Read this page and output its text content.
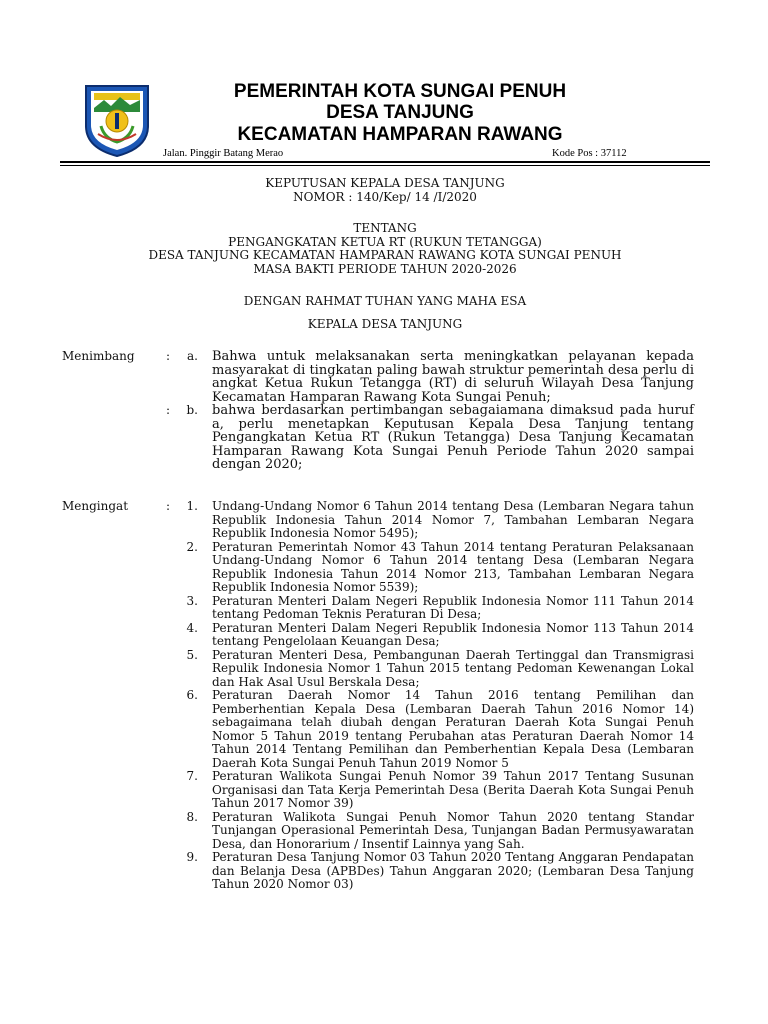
PEMERINTAH KOTA SUNGAI PENUH
DESA TANJUNG
KECAMATAN HAMPARAN RAWANG
Jalan. Pinggir Batang Merao	Kode Pos : 37112
KEPUTUSAN KEPALA DESA TANJUNG
NOMOR : 140/Kep/ 14 /I/2020
TENTANG
PENGANGKATAN KETUA RT (RUKUN TETANGGA)
DESA TANJUNG KECAMATAN HAMPARAN RAWANG KOTA SUNGAI PENUH
MASA BAKTI PERIODE TAHUN 2020-2026
DENGAN RAHMAT TUHAN YANG MAHA ESA
KEPALA DESA TANJUNG
Menimbang	:	a. Bahwa untuk melaksanakan serta meningkatkan pelayanan kepada masyarakat di tingkatan paling bawah struktur pemerintah desa perlu di angkat Ketua Rukun Tetangga (RT) di seluruh Wilayah Desa Tanjung Kecamatan Hamparan Rawang Kota Sungai Penuh;
:	b. bahwa berdasarkan pertimbangan sebagaiamana dimaksud pada huruf a, perlu menetapkan Keputusan Kepala Desa Tanjung tentang Pengangkatan Ketua RT (Rukun Tetangga) Desa Tanjung Kecamatan Hamparan Rawang Kota Sungai Penuh Periode Tahun 2020 sampai dengan 2020;
Mengingat	:	1. Undang-Undang Nomor 6 Tahun 2014 tentang Desa (Lembaran Negara tahun Republik Indonesia Tahun 2014 Nomor 7, Tambahan Lembaran Negara Republik Indonesia Nomor 5495);
2. Peraturan Pemerintah Nomor 43 Tahun 2014 tentang Peraturan Pelaksanaan Undang-Undang Nomor 6 Tahun 2014 tentang Desa (Lembaran Negara Republik Indonesia Tahun 2014 Nomor 213, Tambahan Lembaran Negara Republik Indonesia Nomor 5539);
3. Peraturan Menteri Dalam Negeri Republik Indonesia Nomor 111 Tahun 2014 tentang Pedoman Teknis Peraturan Di Desa;
4. Peraturan Menteri Dalam Negeri Republik Indonesia Nomor 113 Tahun 2014 tentang Pengelolaan Keuangan Desa;
5. Peraturan Menteri Desa, Pembangunan Daerah Tertinggal dan Transmigrasi Repulik Indonesia Nomor 1 Tahun 2015 tentang Pedoman Kewenangan Lokal dan Hak Asal Usul Berskala Desa;
6. Peraturan Daerah Nomor 14 Tahun 2016 tentang Pemilihan dan Pemberhentian Kepala Desa (Lembaran Daerah Tahun 2016 Nomor 14) sebagaimana telah diubah dengan Peraturan Daerah Kota Sungai Penuh Nomor 5 Tahun 2019 tentang Perubahan atas Peraturan Daerah Nomor 14 Tahun 2014 Tentang Pemilihan dan Pemberhentian Kepala Desa (Lembaran Daerah Kota Sungai Penuh Tahun 2019 Nomor 5
7. Peraturan Walikota Sungai Penuh Nomor 39 Tahun 2017 Tentang Susunan Organisasi dan Tata Kerja Pemerintah Desa (Berita Daerah Kota Sungai Penuh Tahun 2017 Nomor 39)
8. Peraturan Walikota Sungai Penuh Nomor Tahun 2020 tentang Standar Tunjangan Operasional Pemerintah Desa, Tunjangan Badan Permusyawaratan Desa, dan Honorarium / Insentif Lainnya yang Sah.
9. Peraturan Desa Tanjung Nomor 03 Tahun 2020 Tentang Anggaran Pendapatan dan Belanja Desa (APBDes) Tahun Anggaran 2020; (Lembaran Desa Tanjung Tahun 2020 Nomor 03)
